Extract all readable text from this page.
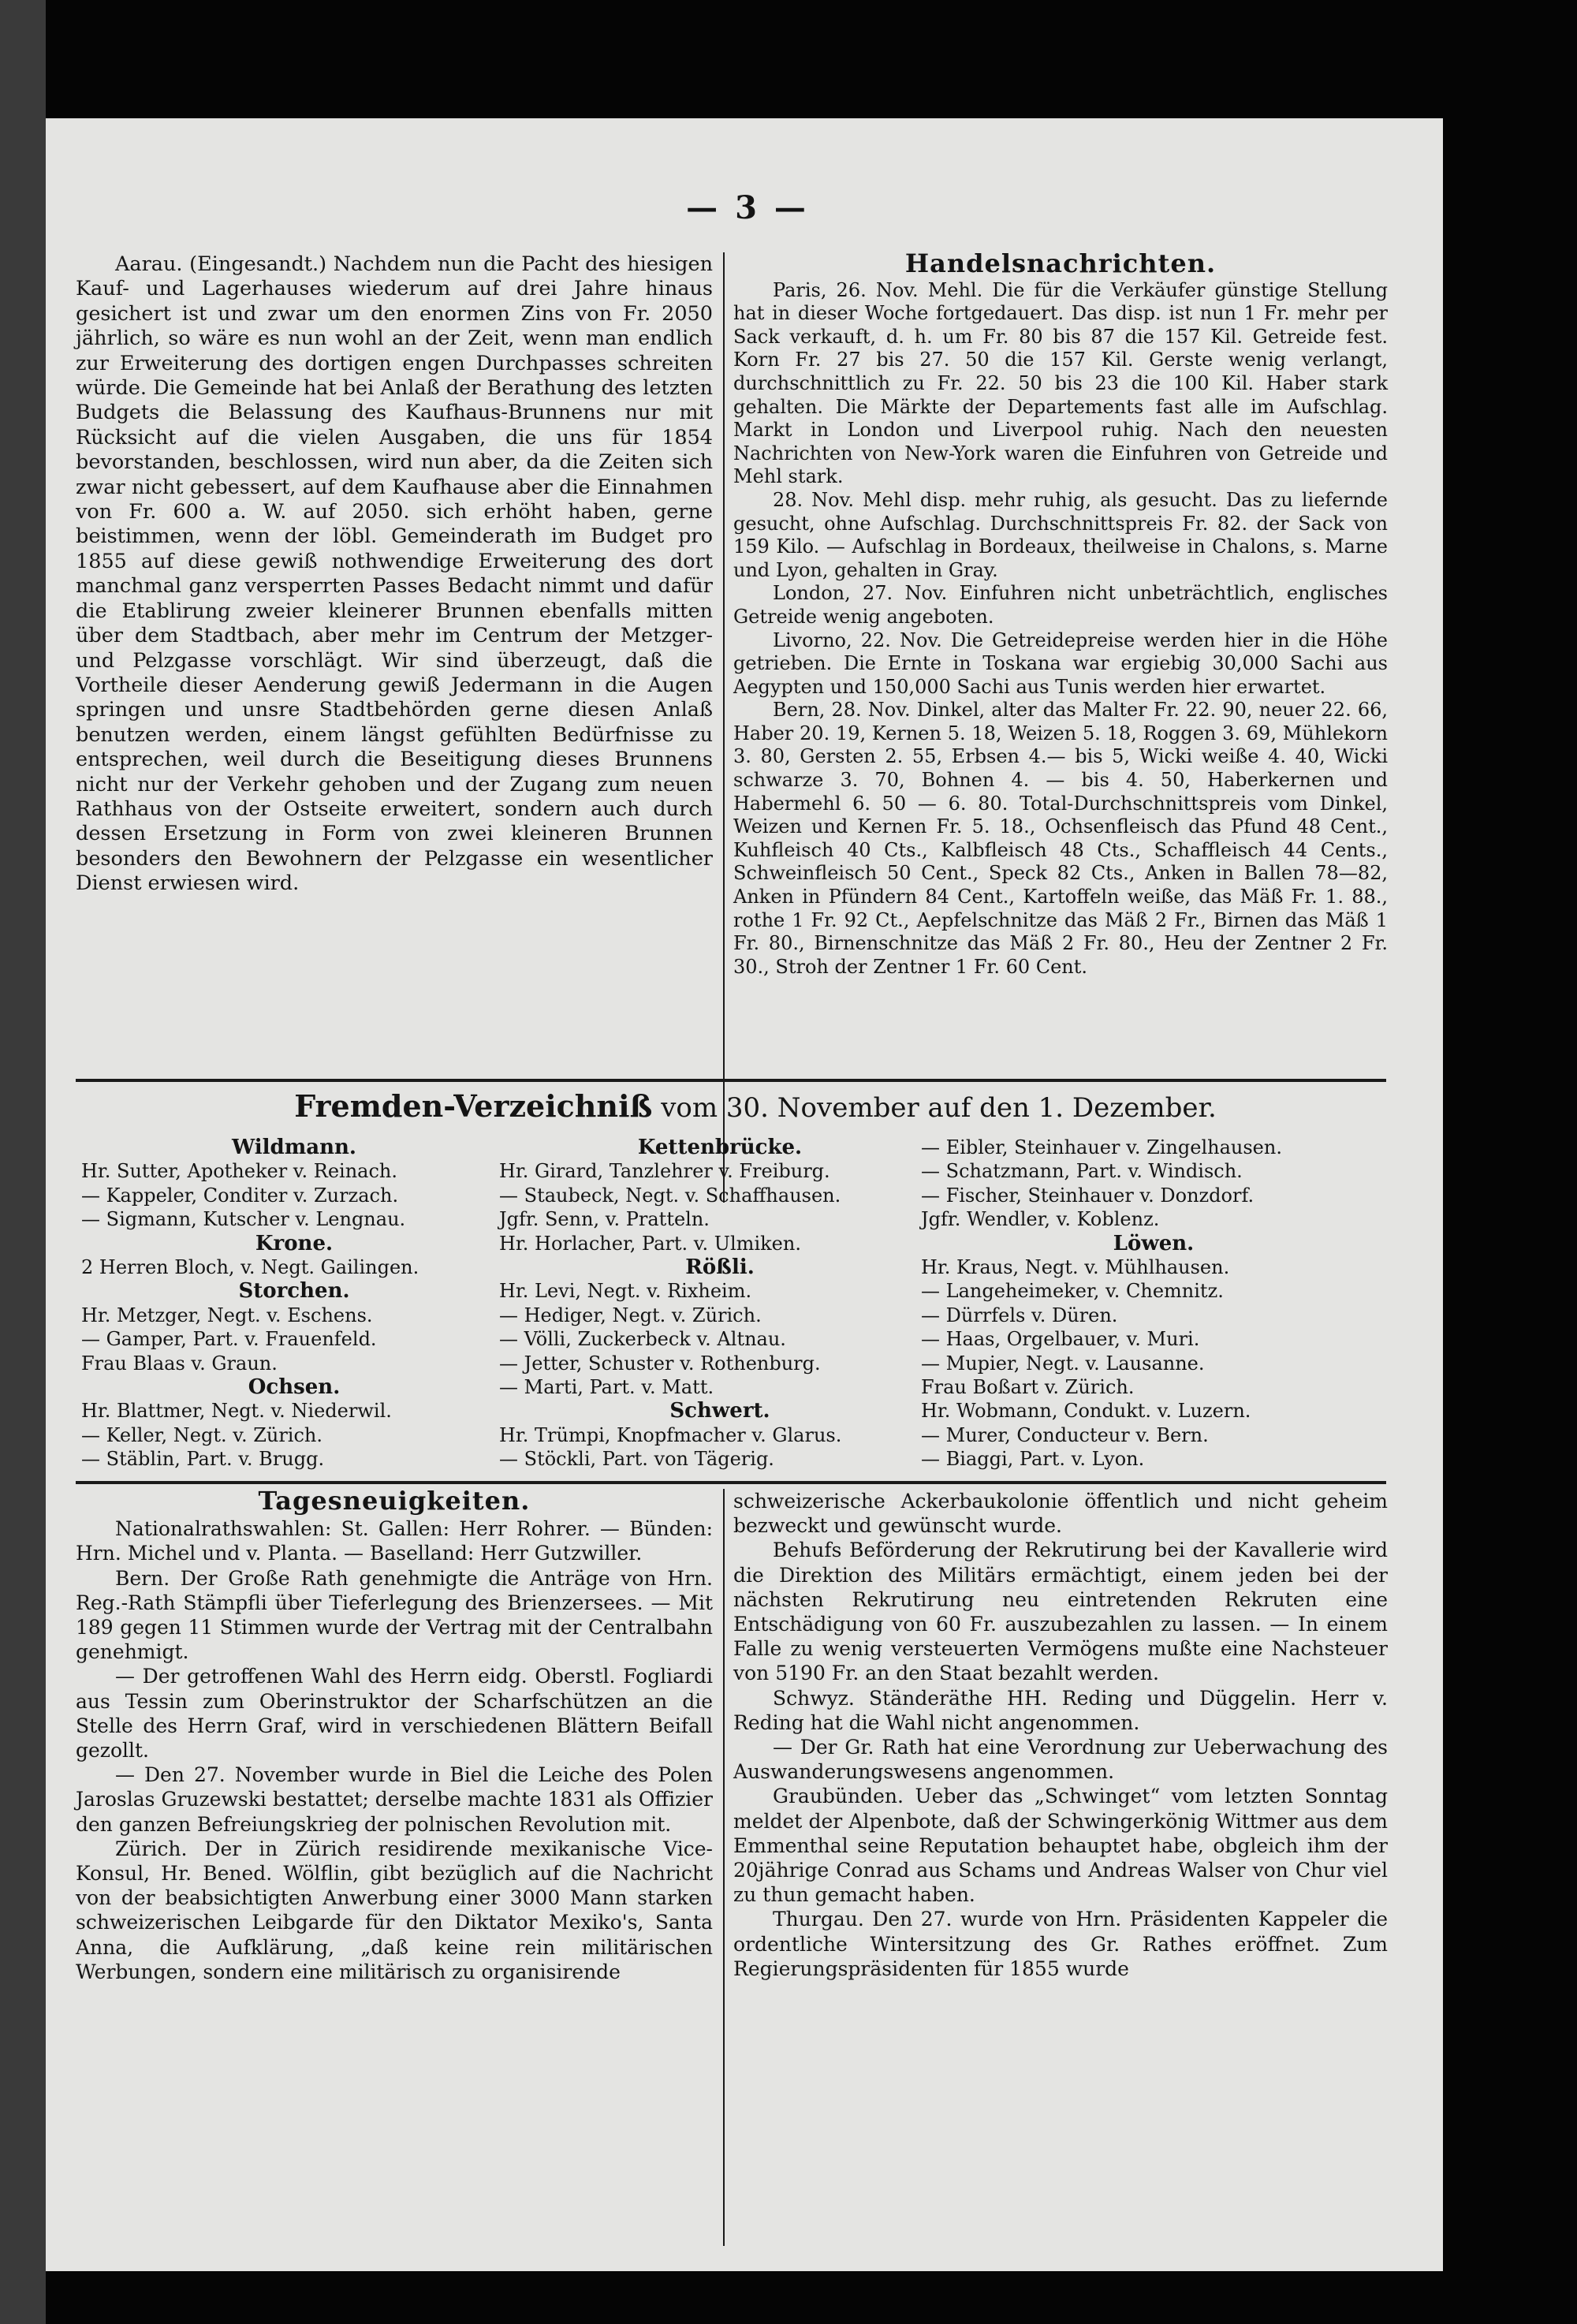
— 3 —

Aarau. (Eingesandt.) Nachdem nun die Pacht des hiesigen Kauf- und Lagerhauses wiederum auf drei Jahre hinaus gesichert ist und zwar um den enormen Zins von Fr. 2050 jährlich, so wäre es nun wohl an der Zeit, wenn man endlich zur Erweiterung des dortigen engen Durchpasses schreiten würde. Die Gemeinde hat bei Anlaß der Berathung des letzten Budgets die Belassung des Kaufhaus-Brunnens nur mit Rücksicht auf die vielen Ausgaben, die uns für 1854 bevorstanden, beschlossen, wird nun aber, da die Zeiten sich zwar nicht gebessert, auf dem Kaufhause aber die Einnahmen von Fr. 600 a. W. auf 2050. sich erhöht haben, gerne beistimmen, wenn der löbl. Gemeinderath im Budget pro 1855 auf diese gewiß nothwendige Erweiterung des dort manchmal ganz versperrten Passes Bedacht nimmt und dafür die Etablirung zweier kleinerer Brunnen ebenfalls mitten über dem Stadtbach, aber mehr im Centrum der Metzger- und Pelzgasse vorschlägt. Wir sind überzeugt, daß die Vortheile dieser Aenderung gewiß Jedermann in die Augen springen und unsre Stadtbehörden gerne diesen Anlaß benutzen werden, einem längst gefühlten Bedürfnisse zu entsprechen, weil durch die Beseitigung dieses Brunnens nicht nur der Verkehr gehoben und der Zugang zum neuen Rathhaus von der Ostseite erweitert, sondern auch durch dessen Ersetzung in Form von zwei kleineren Brunnen besonders den Bewohnern der Pelzgasse ein wesentlicher Dienst erwiesen wird.

Handelsnachrichten.

Paris, 26. Nov. Mehl. Die für die Verkäufer günstige Stellung hat in dieser Woche fortgedauert. Das disp. ist nun 1 Fr. mehr per Sack verkauft, d. h. um Fr. 80 bis 87 die 157 Kil. Getreide fest. Korn Fr. 27 bis 27. 50 die 157 Kil. Gerste wenig verlangt, durchschnittlich zu Fr. 22. 50 bis 23 die 100 Kil. Haber stark gehalten. Die Märkte der Departements fast alle im Aufschlag. Markt in London und Liverpool ruhig. Nach den neuesten Nachrichten von New-York waren die Einfuhren von Getreide und Mehl stark.

28. Nov. Mehl disp. mehr ruhig, als gesucht. Das zu liefernde gesucht, ohne Aufschlag. Durchschnittspreis Fr. 82. der Sack von 159 Kilo. — Aufschlag in Bordeaux, theilweise in Chalons, s. Marne und Lyon, gehalten in Gray.

London, 27. Nov. Einfuhren nicht unbeträchtlich, englisches Getreide wenig angeboten.

Livorno, 22. Nov. Die Getreidepreise werden hier in die Höhe getrieben. Die Ernte in Toskana war ergiebig 30,000 Sachi aus Aegypten und 150,000 Sachi aus Tunis werden hier erwartet.

Bern, 28. Nov. Dinkel, alter das Malter Fr. 22. 90, neuer 22. 66, Haber 20. 19, Kernen 5. 18, Weizen 5. 18, Roggen 3. 69, Mühlekorn 3. 80, Gersten 2. 55, Erbsen 4.— bis 5, Wicki weiße 4. 40, Wicki schwarze 3. 70, Bohnen 4. — bis 4. 50, Haberkernen und Habermehl 6. 50 — 6. 80. Total-Durchschnittspreis vom Dinkel, Weizen und Kernen Fr. 5. 18., Ochsenfleisch das Pfund 48 Cent., Kuhfleisch 40 Cts., Kalbfleisch 48 Cts., Schaffleisch 44 Cents., Schweinfleisch 50 Cent., Speck 82 Cts., Anken in Ballen 78—82, Anken in Pfündern 84 Cent., Kartoffeln weiße, das Mäß Fr. 1. 88., rothe 1 Fr. 92 Ct., Aepfelschnitze das Mäß 2 Fr., Birnen das Mäß 1 Fr. 80., Birnenschnitze das Mäß 2 Fr. 80., Heu der Zentner 2 Fr. 30., Stroh der Zentner 1 Fr. 60 Cent.

Fremden-Verzeichniß vom 30. November auf den 1. Dezember.
Wildmann.
Hr. Sutter, Apotheker v. Reinach.
— Kappeler, Conditer v. Zurzach.
— Sigmann, Kutscher v. Lengnau.
Krone.
2 Herren Bloch, v. Negt. Gailingen.
Storchen.
Hr. Metzger, Negt. v. Eschens.
— Gamper, Part. v. Frauenfeld.
Frau Blaas v. Graun.
Ochsen.
Hr. Blattmer, Negt. v. Niederwil.
— Keller, Negt. v. Zürich.
— Stäblin, Part. v. Brugg.
Kettenbrücke.
Hr. Girard, Tanzlehrer v. Freiburg.
— Staubeck, Negt. v. Schaffhausen.
Jgfr. Senn, v. Pratteln.
Hr. Horlacher, Part. v. Ulmiken.
Rößli.
Hr. Levi, Negt. v. Rixheim.
— Hediger, Negt. v. Zürich.
— Völli, Zuckerbeck v. Altnau.
— Jetter, Schuster v. Rothenburg.
— Marti, Part. v. Matt.
Schwert.
Hr. Trümpi, Knopfmacher v. Glarus.
— Stöckli, Part. von Tägerig.
— Eibler, Steinhauer v. Zingelhausen.
— Schatzmann, Part. v. Windisch.
— Fischer, Steinhauer v. Donzdorf.
Jgfr. Wendler, v. Koblenz.
Löwen.
Hr. Kraus, Negt. v. Mühlhausen.
— Langeheimeker, v. Chemnitz.
— Dürrfels v. Düren.
— Haas, Orgelbauer, v. Muri.
— Mupier, Negt. v. Lausanne.
Frau Boßart v. Zürich.
Hr. Wobmann, Condukt. v. Luzern.
— Murer, Conducteur v. Bern.
— Biaggi, Part. v. Lyon.
Tagesneuigkeiten.

Nationalrathswahlen: St. Gallen: Herr Rohrer. — Bünden: Hrn. Michel und v. Planta. — Baselland: Herr Gutzwiller.

Bern. Der Große Rath genehmigte die Anträge von Hrn. Reg.-Rath Stämpfli über Tieferlegung des Brienzersees. — Mit 189 gegen 11 Stimmen wurde der Vertrag mit der Centralbahn genehmigt.

— Der getroffenen Wahl des Herrn eidg. Oberstl. Fogliardi aus Tessin zum Oberinstruktor der Scharfschützen an die Stelle des Herrn Graf, wird in verschiedenen Blättern Beifall gezollt.

— Den 27. November wurde in Biel die Leiche des Polen Jaroslas Gruzewski bestattet; derselbe machte 1831 als Offizier den ganzen Befreiungskrieg der polnischen Revolution mit.

Zürich. Der in Zürich residirende mexikanische Vice-Konsul, Hr. Bened. Wölflin, gibt bezüglich auf die Nachricht von der beabsichtigten Anwerbung einer 3000 Mann starken schweizerischen Leibgarde für den Diktator Mexiko's, Santa Anna, die Aufklärung, „daß keine rein militärischen Werbungen, sondern eine militärisch zu organisirende

schweizerische Ackerbaukolonie öffentlich und nicht geheim bezweckt und gewünscht wurde.

Behufs Beförderung der Rekrutirung bei der Kavallerie wird die Direktion des Militärs ermächtigt, einem jeden bei der nächsten Rekrutirung neu eintretenden Rekruten eine Entschädigung von 60 Fr. auszubezahlen zu lassen. — In einem Falle zu wenig versteuerten Vermögens mußte eine Nachsteuer von 5190 Fr. an den Staat bezahlt werden.

Schwyz. Ständeräthe HH. Reding und Düggelin. Herr v. Reding hat die Wahl nicht angenommen.

— Der Gr. Rath hat eine Verordnung zur Ueberwachung des Auswanderungswesens angenommen.

Graubünden. Ueber das „Schwinget“ vom letzten Sonntag meldet der Alpenbote, daß der Schwingerkönig Wittmer aus dem Emmenthal seine Reputation behauptet habe, obgleich ihm der 20jährige Conrad aus Schams und Andreas Walser von Chur viel zu thun gemacht haben.

Thurgau. Den 27. wurde von Hrn. Präsidenten Kappeler die ordentliche Wintersitzung des Gr. Rathes eröffnet. Zum Regierungspräsidenten für 1855 wurde
